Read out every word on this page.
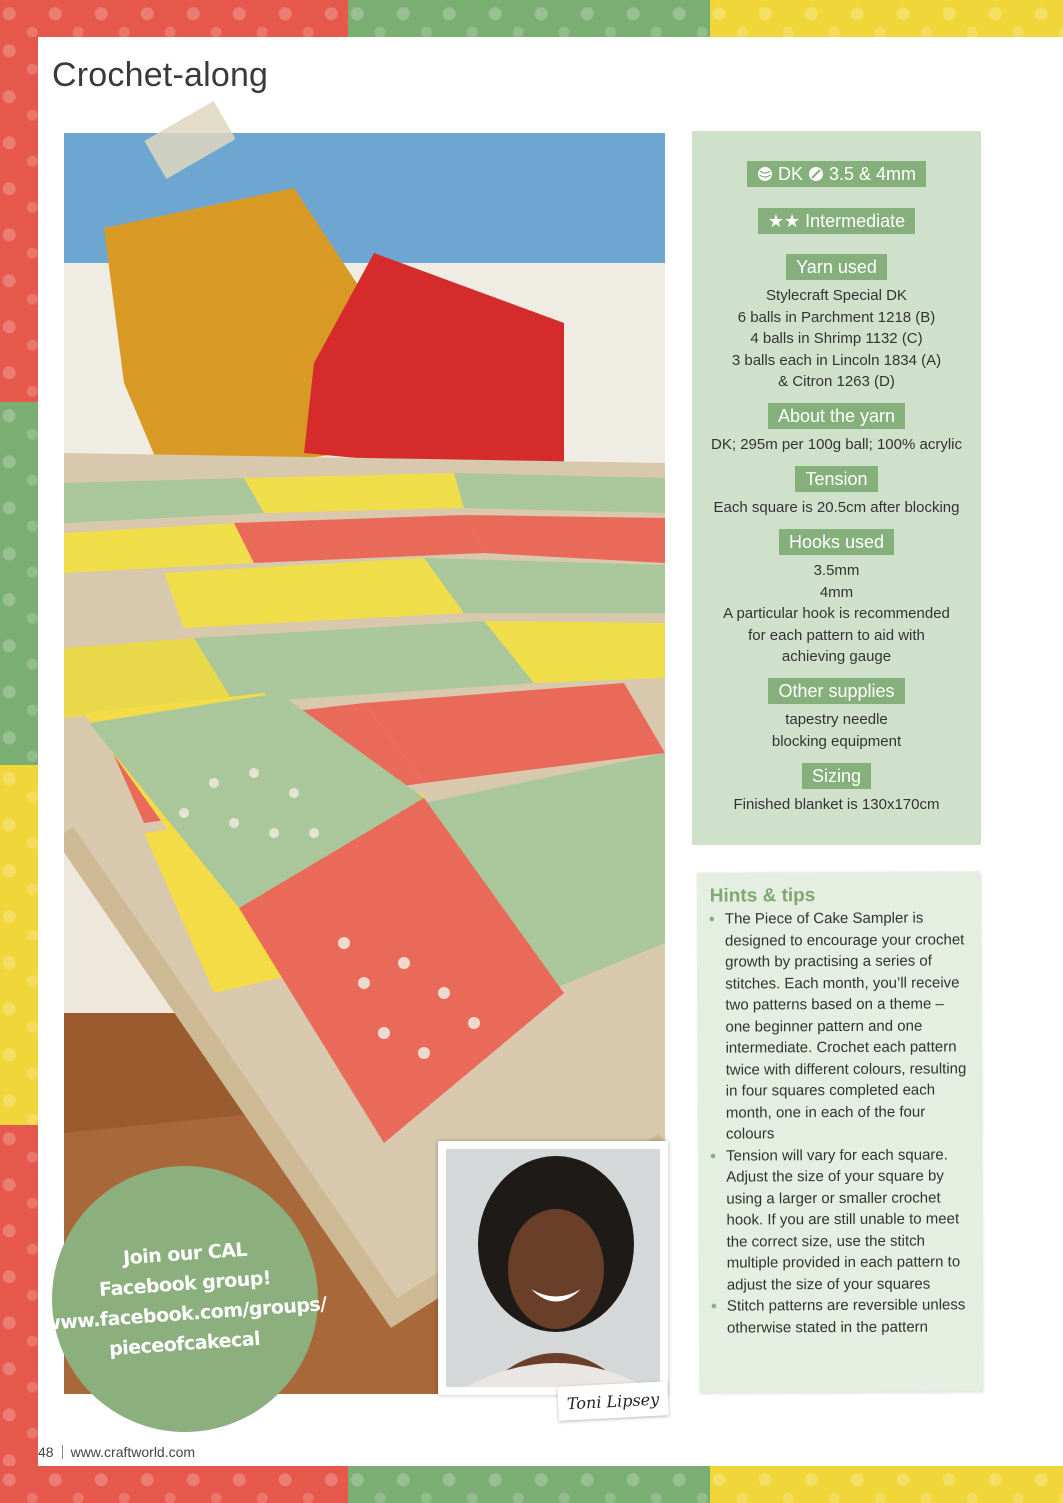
Crochet-along
Join our CAL
Facebook group!
www.facebook.com/groups/
pieceofcakecal
Toni Lipsey
DK 3.5 & 4mm
★★ Intermediate
Yarn used

Stylecraft Special DK

6 balls in Parchment 1218 (B)

4 balls in Shrimp 1132 (C)

3 balls each in Lincoln 1834 (A)

& Citron 1263 (D)

About the yarn

DK; 295m per 100g ball; 100% acrylic

Tension

Each square is 20.5cm after blocking

Hooks used

3.5mm

4mm

A particular hook is recommended

for each pattern to aid with

achieving gauge

Other supplies

tapestry needle

blocking equipment

Sizing

Finished blanket is 130x170cm

Hints & tips
• The Piece of Cake Sampler is designed to encourage your crochet growth by practising a series of stitches. Each month, you’ll receive two patterns based on a theme – one beginner pattern and one intermediate. Crochet each pattern twice with different colours, resulting in four squares completed each month, one in each of the four colours
• Tension will vary for each square. Adjust the size of your square by using a larger or smaller crochet hook. If you are still unable to meet the correct size, use the stitch multiple provided in each pattern to adjust the size of your squares
• Stitch patterns are reversible unless otherwise stated in the pattern
48 www.craftworld.com
